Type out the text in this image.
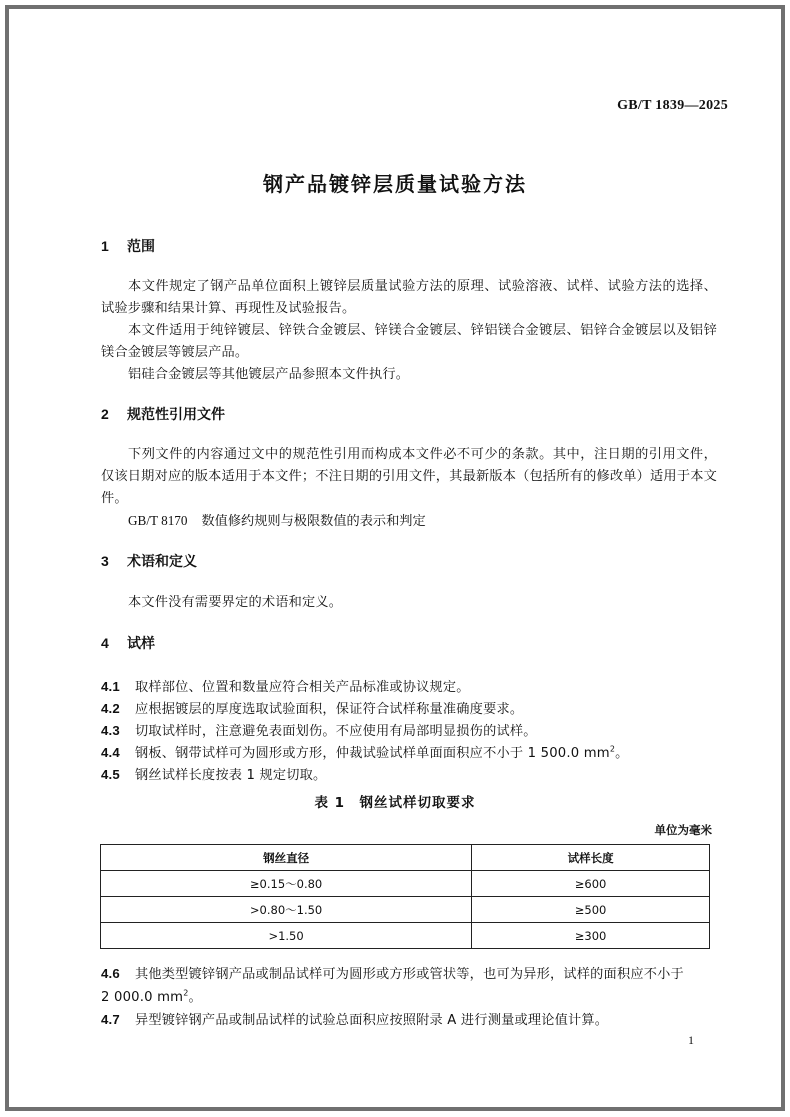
GB/T 1839—2025
钢产品镀锌层质量试验方法
1 范围
本文件规定了钢产品单位面积上镀锌层质量试验方法的原理、试验溶液、试样、试验方法的选择、试验步骤和结果计算、再现性及试验报告。
本文件适用于纯锌镀层、锌铁合金镀层、锌镁合金镀层、锌铝镁合金镀层、铝锌合金镀层以及铝锌镁合金镀层等镀层产品。
铝硅合金镀层等其他镀层产品参照本文件执行。
2 规范性引用文件
下列文件的内容通过文中的规范性引用而构成本文件必不可少的条款。其中，注日期的引用文件，仅该日期对应的版本适用于本文件；不注日期的引用文件，其最新版本（包括所有的修改单）适用于本文件。
GB/T 8170 数值修约规则与极限数值的表示和判定
3 术语和定义
本文件没有需要界定的术语和定义。
4 试样
4.1 取样部位、位置和数量应符合相关产品标准或协议规定。
4.2 应根据镀层的厚度选取试验面积，保证符合试样称量准确度要求。
4.3 切取试样时，注意避免表面划伤。不应使用有局部明显损伤的试样。
4.4 钢板、钢带试样可为圆形或方形，仲裁试验试样单面面积应不小于 1 500.0 $mm^2$。
4.5 钢丝试样长度按表 1 规定切取。
表 1　钢丝试样切取要求
单位为毫米
钢丝直径	试样长度
≥0.15～0.80	≥600
>0.80～1.50	≥500
>1.50	≥300
4.6 其他类型镀锌钢产品或制品试样可为圆形或方形或管状等，也可为异形，试样的面积应不小于
2 000.0 $mm^2$。
4.7 异型镀锌钢产品或制品试样的试验总面积应按照附录 A 进行测量或理论值计算。
1
